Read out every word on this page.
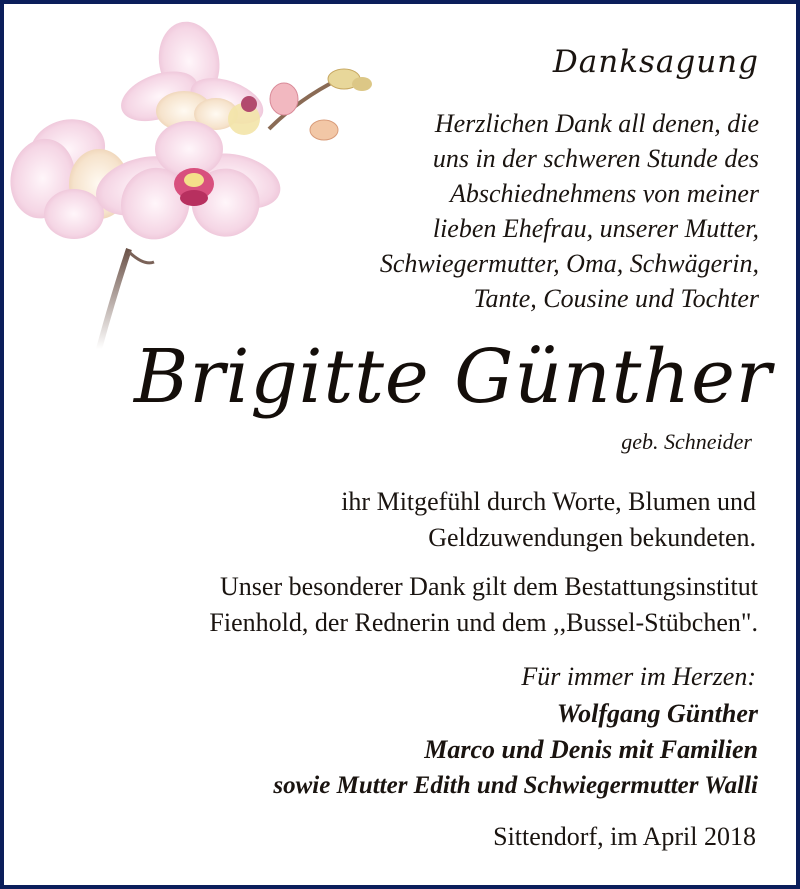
Danksagung
Herzlichen Dank all denen, die
uns in der schweren Stunde des
Abschiednehmens von meiner
lieben Ehefrau, unserer Mutter,
Schwiegermutter, Oma, Schwägerin,
Tante, Cousine und Tochter
Brigitte Günther
geb. Schneider
ihr Mitgefühl durch Worte, Blumen und
Geldzuwendungen bekundeten.
Unser besonderer Dank gilt dem Bestattungsinstitut
Fienhold, der Rednerin und dem ,,Bussel-Stübchen".
Für immer im Herzen:
Wolfgang Günther
Marco und Denis mit Familien
sowie Mutter Edith und Schwiegermutter Walli
Sittendorf, im April 2018
